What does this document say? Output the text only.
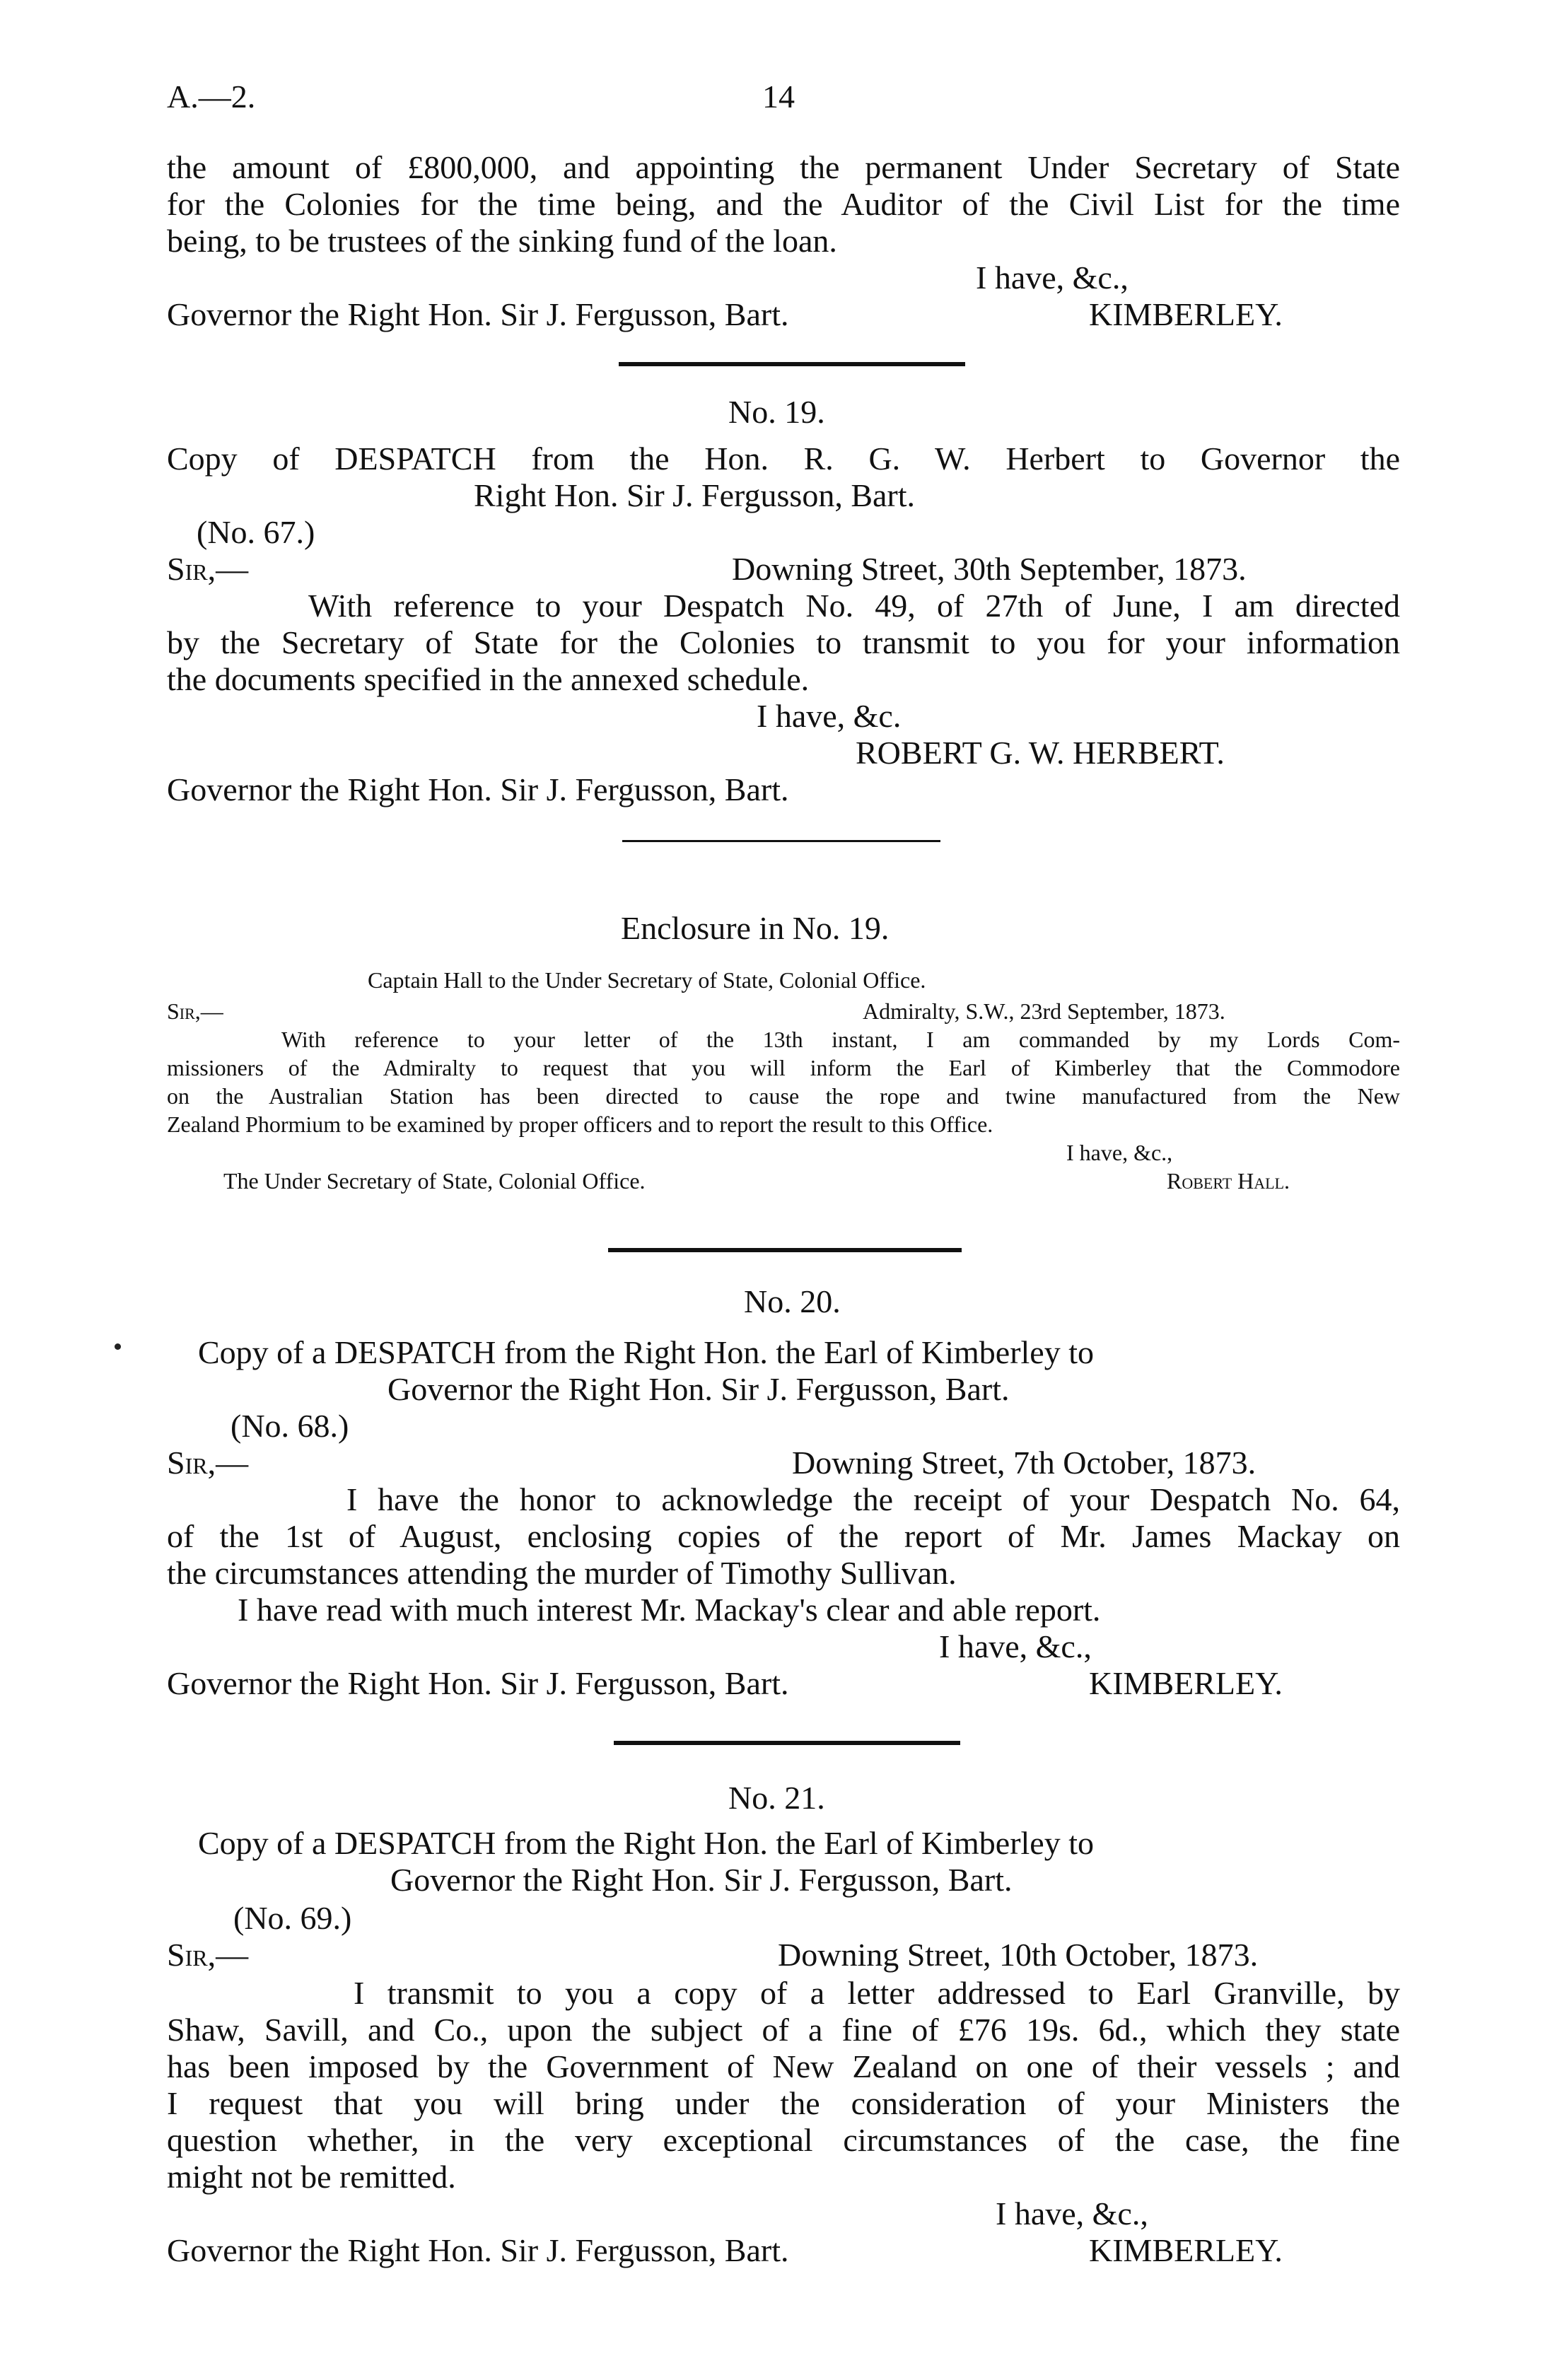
A.—2.	14
the amount of £800,000, and appointing the permanent Under Secretary of State
for the Colonies for the time being, and the Auditor of the Civil List for the time
being, to be trustees of the sinking fund of the loan.
I have, &c.,
Governor the Right Hon. Sir J. Fergusson, Bart.	KIMBERLEY.
No. 19.
Copy of DESPATCH from the Hon. R. G. W. Herbert to Governor the
Right Hon. Sir J. Fergusson, Bart.
(No. 67.)
Sir,—	Downing Street, 30th September, 1873.
With reference to your Despatch No. 49, of 27th of June, I am directed
by the Secretary of State for the Colonies to transmit to you for your information
the documents specified in the annexed schedule.
I have, &c.
ROBERT G. W. HERBERT.
Governor the Right Hon. Sir J. Fergusson, Bart.
Enclosure in No. 19.
Captain Hall to the Under Secretary of State, Colonial Office.
Sir,—	Admiralty, S.W., 23rd September, 1873.
With reference to your letter of the 13th instant, I am commanded by my Lords Com-
missioners of the Admiralty to request that you will inform the Earl of Kimberley that the Commodore
on the Australian Station has been directed to cause the rope and twine manufactured from the New
Zealand Phormium to be examined by proper officers and to report the result to this Office.
I have, &c.,
The Under Secretary of State, Colonial Office.	Robert Hall.
No. 20.
Copy of a DESPATCH from the Right Hon. the Earl of Kimberley to
Governor the Right Hon. Sir J. Fergusson, Bart.
(No. 68.)
Sir,—	Downing Street, 7th October, 1873.
I have the honor to acknowledge the receipt of your Despatch No. 64,
of the 1st of August, enclosing copies of the report of Mr. James Mackay on
the circumstances attending the murder of Timothy Sullivan.
I have read with much interest Mr. Mackay's clear and able report.
I have, &c.,
Governor the Right Hon. Sir J. Fergusson, Bart.	KIMBERLEY.
No. 21.
Copy of a DESPATCH from the Right Hon. the Earl of Kimberley to
Governor the Right Hon. Sir J. Fergusson, Bart.
(No. 69.)
Sir,—	Downing Street, 10th October, 1873.
I transmit to you a copy of a letter addressed to Earl Granville, by
Shaw, Savill, and Co., upon the subject of a fine of £76 19s. 6d., which they state
has been imposed by the Government of New Zealand on one of their vessels ; and
I request that you will bring under the consideration of your Ministers the
question whether, in the very exceptional circumstances of the case, the fine
might not be remitted.
I have, &c.,
Governor the Right Hon. Sir J. Fergusson, Bart.	KIMBERLEY.
